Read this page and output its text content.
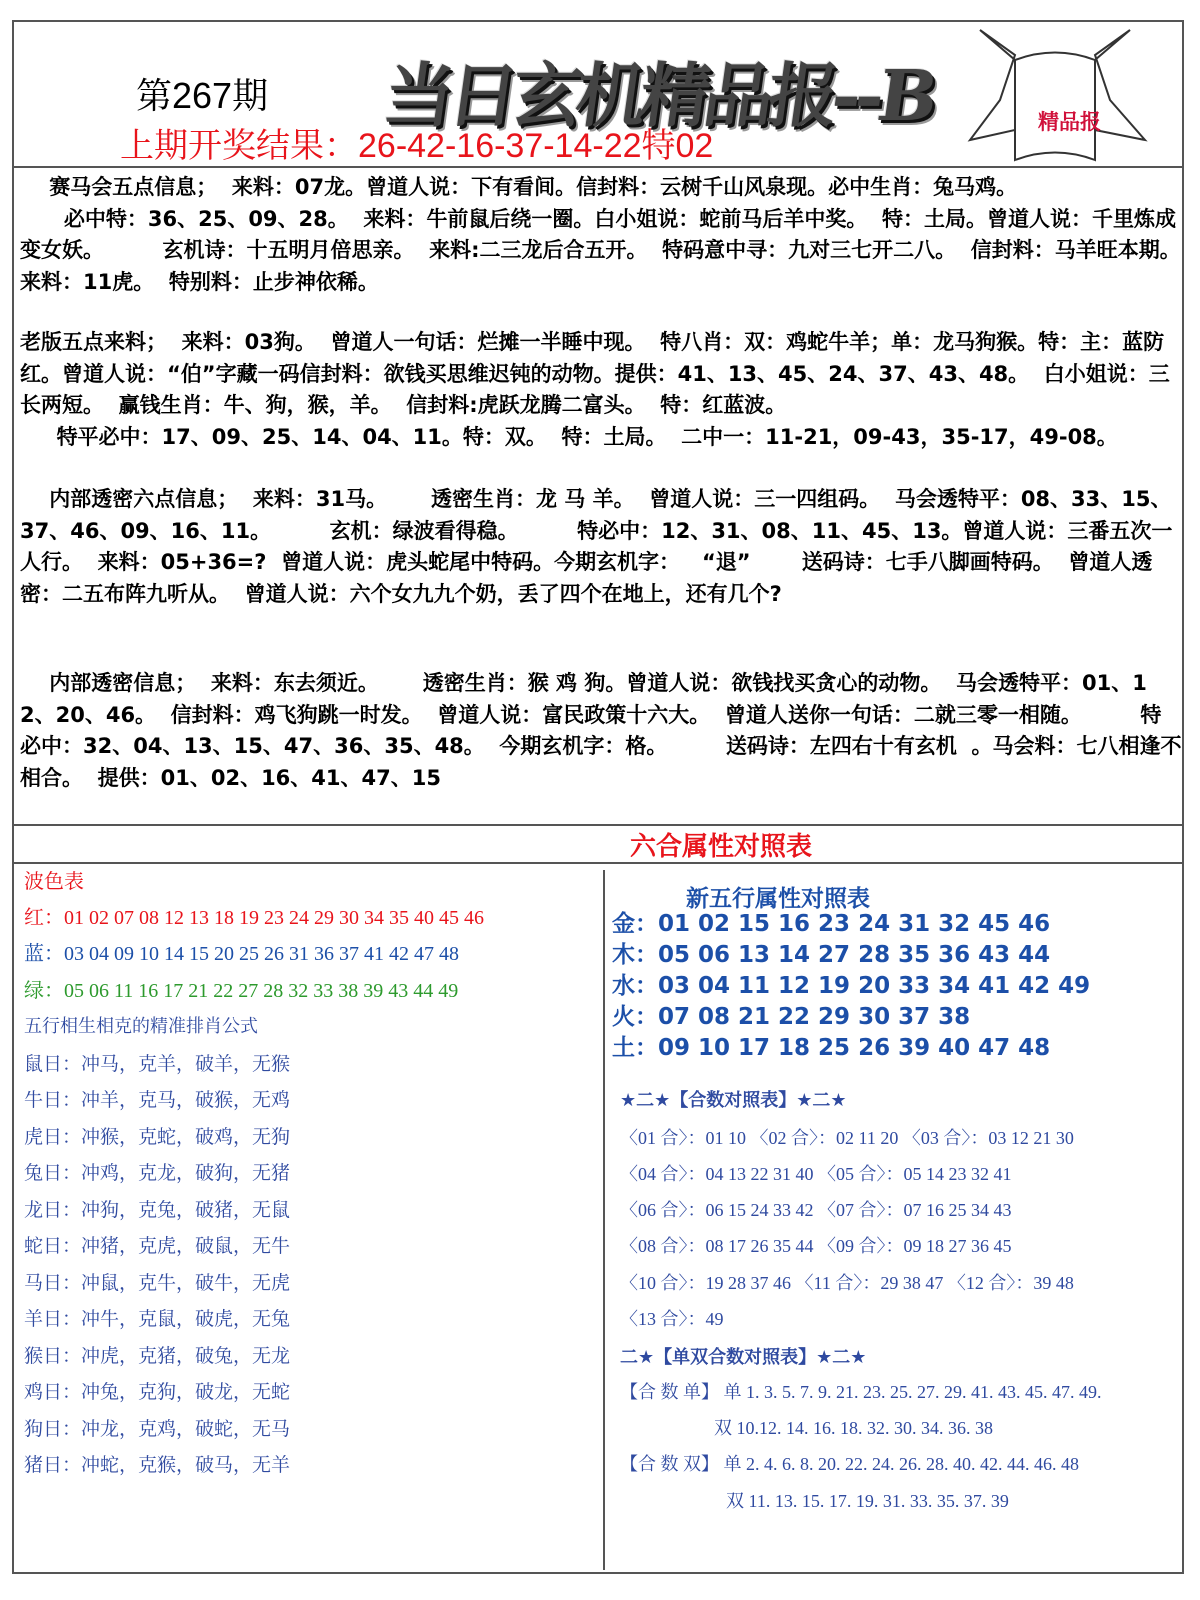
第267期
上期开奖结果：26-42-16-37-14-22特02
当日玄机精品报--B	精品报

赛马会五点信息；  来料：07龙。曾道人说：下有看间。信封料：云树千山风泉现。必中生肖：兔马鸡。
必中特：36、25、09、28。  来料：牛前鼠后绕一圈。白小姐说：蛇前马后羊中奖。  特：土局。曾道人说：千里炼成变女妖。        玄机诗：十五明月倍思亲。  来料:二三龙后合五开。  特码意中寻：九对三七开二八。  信封料：马羊旺本期。  来料：11虎。  特别料：止步神依稀。

老版五点来料；  来料：03狗。  曾道人一句话：烂摊一半睡中现。  特八肖：双：鸡蛇牛羊；单：龙马狗猴。特：主：蓝防红。曾道人说：“伯”字藏一码信封料：欲钱买思维迟钝的动物。提供：41、13、45、24、37、43、48。  白小姐说：三长两短。  赢钱生肖：牛、狗，猴，羊。  信封料:虎跃龙腾二富头。  特：红蓝波。
特平必中：17、09、25、14、04、11。特：双。  特：土局。  二中一：11-21，09-43，35-17，49-08。

内部透密六点信息；  来料：31马。      透密生肖：龙 马 羊。  曾道人说：三一四组码。  马会透特平：08、33、15、37、46、09、16、11。        玄机：绿波看得稳。        特必中：12、31、08、11、45、13。曾道人说：三番五次一人行。  来料：05+36=?  曾道人说：虎头蛇尾中特码。今期玄机字：   “退”       送码诗：七手八脚画特码。  曾道人透密：二五布阵九听从。  曾道人说：六个女九九个奶，丢了四个在地上，还有几个?

内部透密信息；  来料：东去须近。      透密生肖：猴 鸡 狗。曾道人说：欲钱找买贪心的动物。  马会透特平：01、12、20、46。  信封料：鸡飞狗跳一时发。  曾道人说：富民政策十六大。  曾道人送你一句话：二就三零一相随。        特必中：32、04、13、15、47、36、35、48。  今期玄机字：格。        送码诗：左四右十有玄机  。马会料：七八相逢不相合。  提供：01、02、16、41、47、15

六合属性对照表
波色表
红：01 02 07 08 12 13 18 19 23 24 29 30 34 35 40 45 46
蓝：03 04 09 10 14 15 20 25 26 31 36 37 41 42 47 48
绿：05 06 11 16 17 21 22 27 28 32 33 38 39 43 44 49
五行相生相克的精准排肖公式
鼠日：冲马，克羊，破羊，无猴
牛日：冲羊，克马，破猴，无鸡
虎日：冲猴，克蛇，破鸡，无狗
兔日：冲鸡，克龙，破狗，无猪
龙日：冲狗，克兔，破猪，无鼠
蛇日：冲猪，克虎，破鼠，无牛
马日：冲鼠，克牛，破牛，无虎
羊日：冲牛，克鼠，破虎，无兔
猴日：冲虎，克猪，破兔，无龙
鸡日：冲兔，克狗，破龙，无蛇
狗日：冲龙，克鸡，破蛇，无马
猪日：冲蛇，克猴，破马，无羊
新五行属性对照表
金：01 02 15 16 23 24 31 32 45 46
木：05 06 13 14 27 28 35 36 43 44
水：03 04 11 12 19 20 33 34 41 42 49
火：07 08 21 22 29 30 37 38
土：09 10 17 18 25 26 39 40 47 48
★二★【合数对照表】★二★
〈01 合〉：01 10 〈02 合〉：02 11 20 〈03 合〉：03 12 21 30
〈04 合〉：04 13 22 31 40 〈05 合〉：05 14 23 32 41
〈06 合〉：06 15 24 33 42 〈07 合〉：07 16 25 34 43
〈08 合〉：08 17 26 35 44 〈09 合〉：09 18 27 36 45
〈10 合〉：19 28 37 46 〈11 合〉：29 38 47 〈12 合〉：39 48
〈13 合〉：49
二★【单双合数对照表】★二★
【合 数 单】 单 1. 3. 5. 7. 9. 21. 23. 25. 27. 29. 41. 43. 45. 47. 49.
双 10.12. 14. 16. 18. 32. 30. 34. 36. 38
【合 数 双】 单 2. 4. 6. 8. 20. 22. 24. 26. 28. 40. 42. 44. 46. 48
双 11. 13. 15. 17. 19. 31. 33. 35. 37. 39
